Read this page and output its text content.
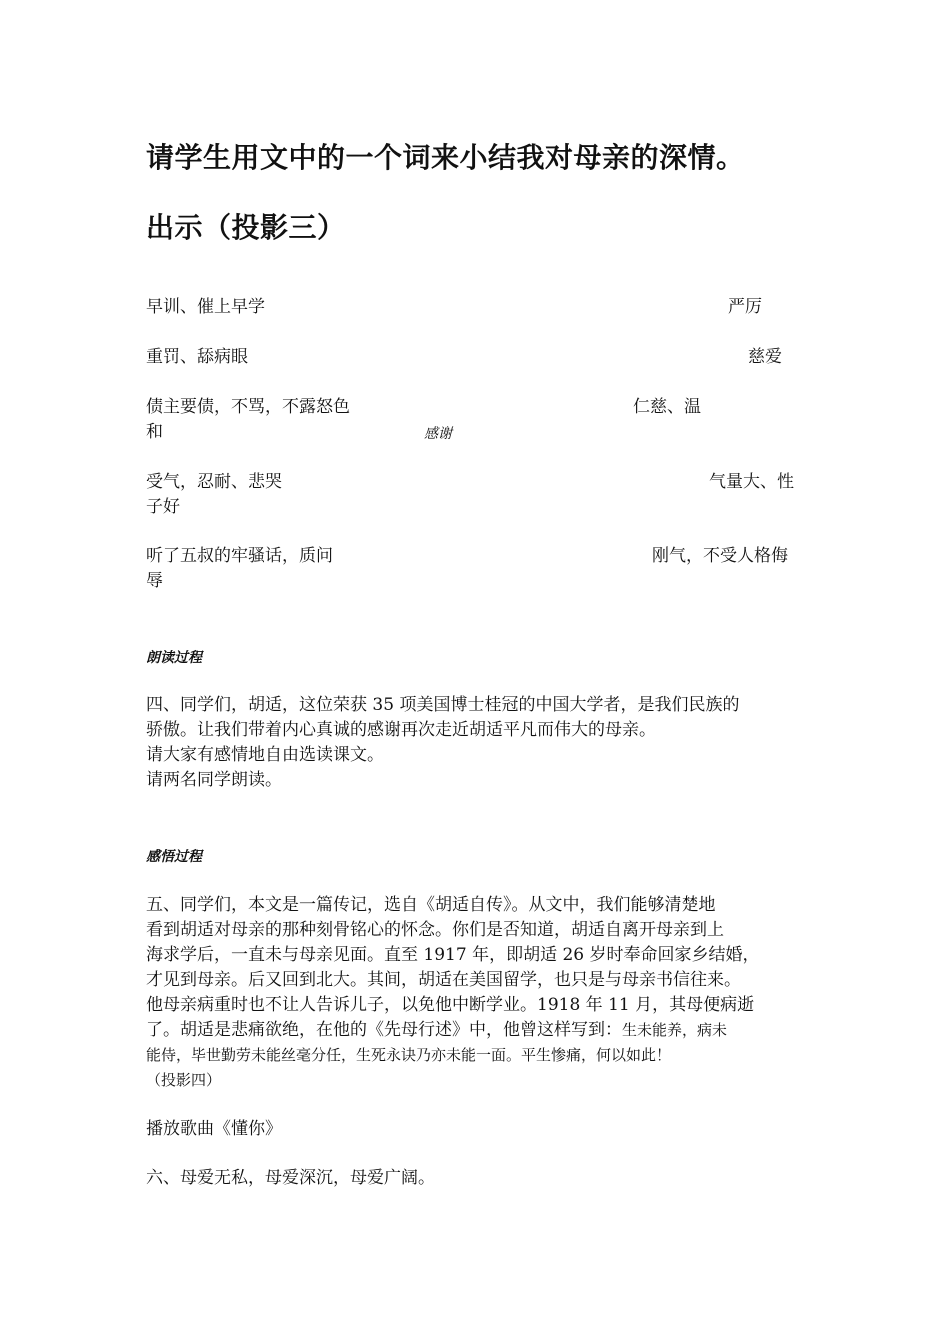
请学生用文中的一个词来小结我对母亲的深情。
出示（投影三）
早训、催上早学	严厉
重罚、舔病眼	慈爱
债主要债，不骂，不露怒色	仁慈、温
和	感谢
受气，忍耐、悲哭	气量大、性
子好
听了五叔的牢骚话，质问	刚气，不受人格侮
辱
朗读过程
四、同学们，胡适，这位荣获 35 项美国博士桂冠的中国大学者，是我们民族的
骄傲。让我们带着内心真诚的感谢再次走近胡适平凡而伟大的母亲。
请大家有感情地自由选读课文。
请两名同学朗读。
感悟过程
五、同学们，本文是一篇传记，选自《胡适自传》。从文中，我们能够清楚地
看到胡适对母亲的那种刻骨铭心的怀念。你们是否知道，胡适自离开母亲到上
海求学后，一直未与母亲见面。直至 1917 年，即胡适 26 岁时奉命回家乡结婚，
才见到母亲。后又回到北大。其间，胡适在美国留学，也只是与母亲书信往来。
他母亲病重时也不让人告诉儿子，以免他中断学业。1918 年 11 月，其母便病逝
了。胡适是悲痛欲绝，在他的《先母行述》中，他曾这样写到：生未能养，病未
能侍，毕世勤劳未能丝毫分任，生死永诀乃亦未能一面。平生惨痛，何以如此！
（投影四）
播放歌曲《懂你》
六、母爱无私，母爱深沉，母爱广阔。
